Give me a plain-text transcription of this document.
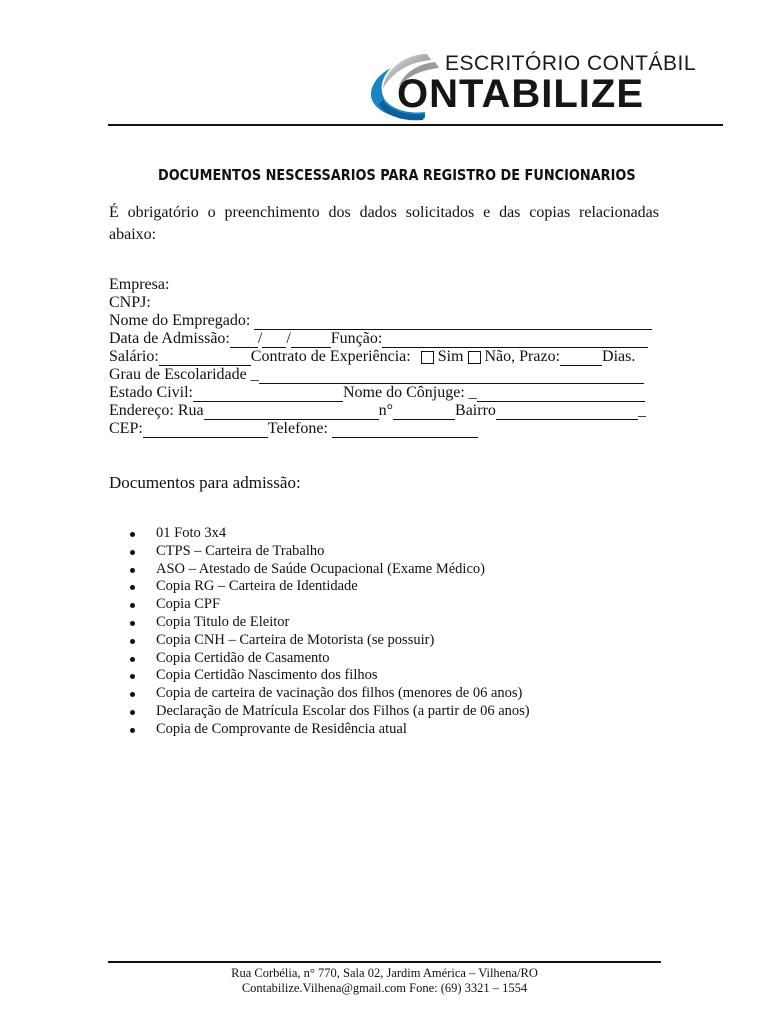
ESCRITÓRIO CONTÁBIL
ONTABILIZE
DOCUMENTOS NESCESSARIOS PARA REGISTRO DE FUNCIONARIOS
É obrigatório o preenchimento dos dados solicitados e das copias relacionadas abaixo:
Empresa:
CNPJ:
Nome do Empregado:
Data de Admissão: / /	Função:
Salário:	Contrato de Experiência: Sim Não, Prazo:	Dias.
Grau de Escolaridade _
Estado Civil:	Nome do Cônjuge: _
Endereço: Rua	n°	Bairro	_
CEP:	Telefone:
Documentos para admissão:
01 Foto 3x4
CTPS – Carteira de Trabalho
ASO – Atestado de Saúde Ocupacional (Exame Médico)
Copia RG – Carteira de Identidade
Copia CPF
Copia Titulo de Eleitor
Copia CNH – Carteira de Motorista (se possuir)
Copia Certidão de Casamento
Copia Certidão Nascimento dos filhos
Copia de carteira de vacinação dos filhos (menores de 06 anos)
Declaração de Matrícula Escolar dos Filhos (a partir de 06 anos)
Copia de Comprovante de Residência atual
Rua Corbélia, n° 770, Sala 02, Jardim América – Vilhena/RO
Contabilize.Vilhena@gmail.com Fone: (69) 3321 – 1554
